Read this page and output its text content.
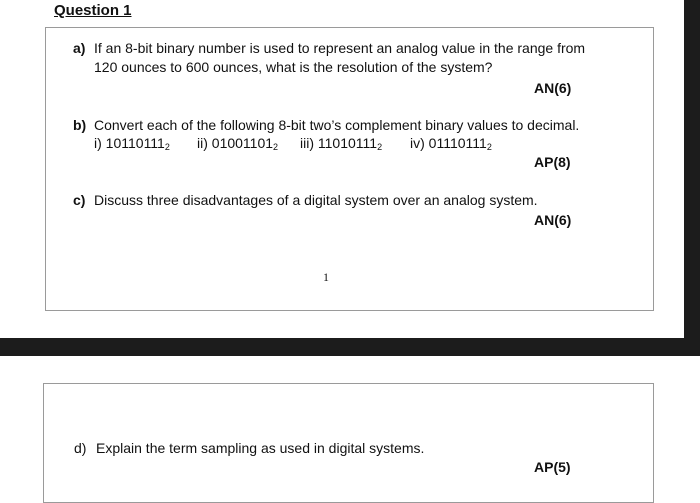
Question 1
a) If an 8-bit binary number is used to represent an analog value in the range from
120 ounces to 600 ounces, what is the resolution of the system?
AN(6)
b) Convert each of the following 8-bit two’s complement binary values to decimal.
i) $10110111_2$ ii) $01001101_2$ iii) $11010111_2$ iv) $01110111_2$
AP(8)
c) Discuss three disadvantages of a digital system over an analog system.
AN(6)
1
d) Explain the term sampling as used in digital systems.
AP(5)
